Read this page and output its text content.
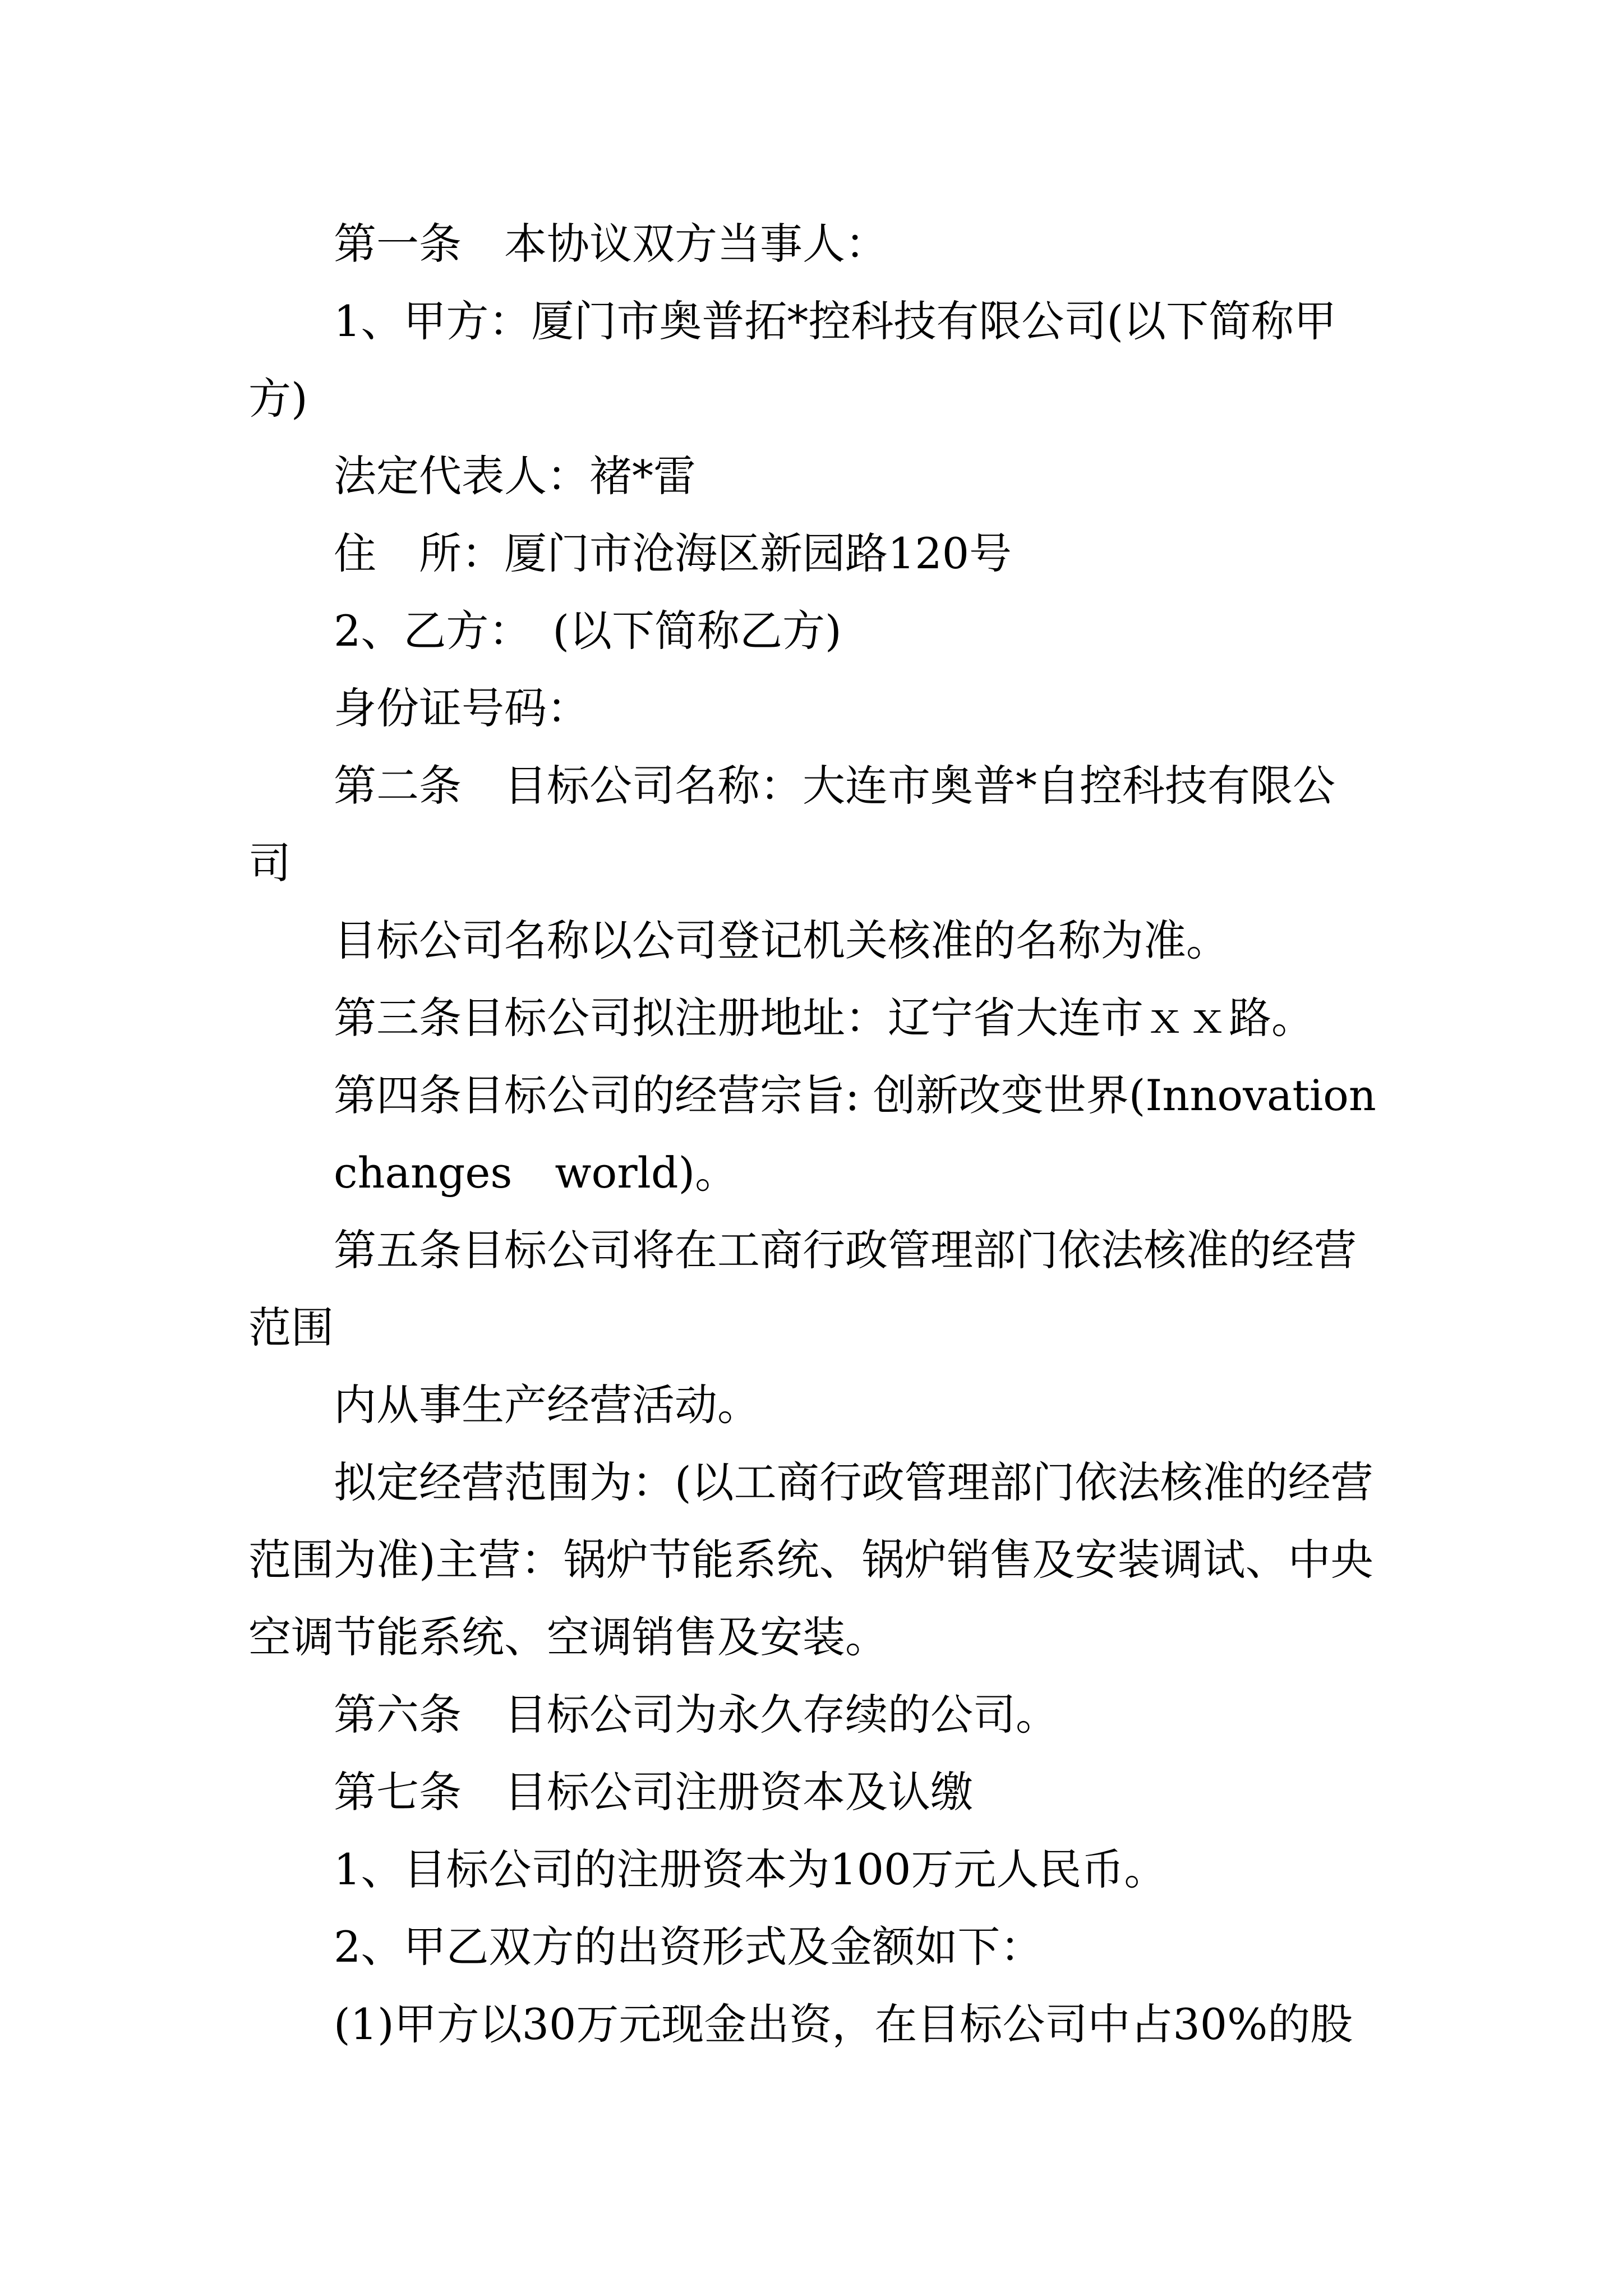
第一条　本协议双方当事人：

1、甲方：厦门市奥普拓*控科技有限公司(以下简称甲方)

法定代表人：褚*雷

住　所：厦门市沧海区新园路120号

2、乙方：　(以下简称乙方)

身份证号码：

第二条　目标公司名称：大连市奥普*自控科技有限公司

目标公司名称以公司登记机关核准的名称为准。

第三条目标公司拟注册地址：辽宁省大连市ｘｘ路。

第四条目标公司的经营宗旨: 创新改变世界(Innovation

changes　world)。

第五条目标公司将在工商行政管理部门依法核准的经营范围

内从事生产经营活动。

拟定经营范围为：(以工商行政管理部门依法核准的经营范围为准)主营：锅炉节能系统、锅炉销售及安装调试、中央空调节能系统、空调销售及安装。

第六条　目标公司为永久存续的公司。

第七条　目标公司注册资本及认缴

1、目标公司的注册资本为100万元人民币。

2、甲乙双方的出资形式及金额如下：

(1)甲方以30万元现金出资，在目标公司中占30%的股
